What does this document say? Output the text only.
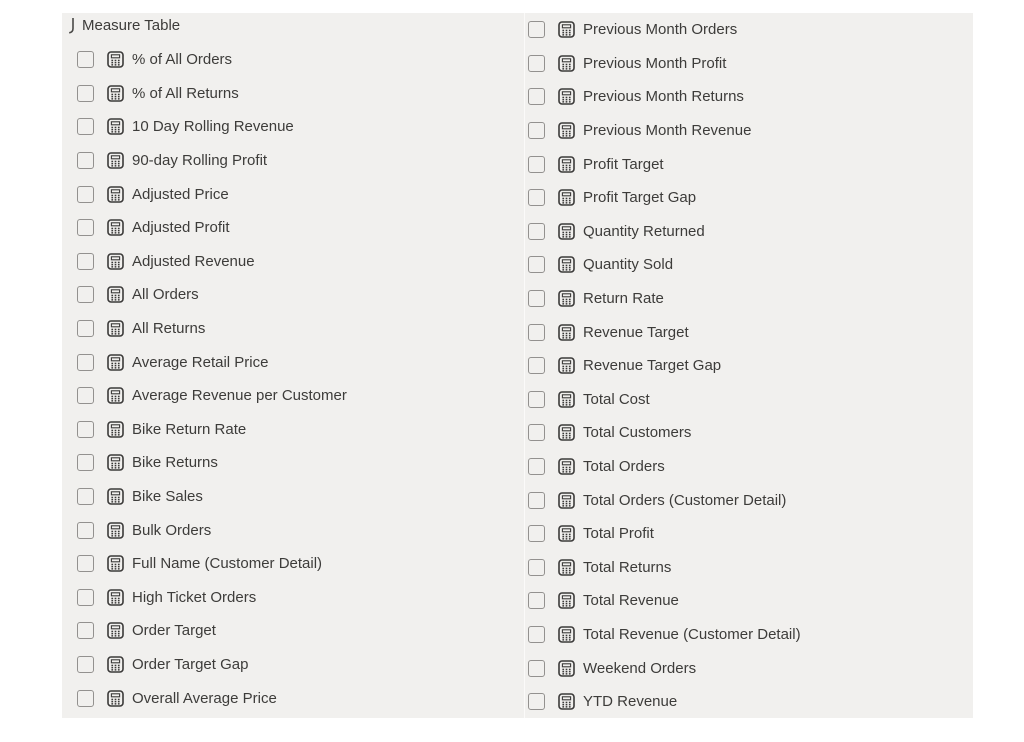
Measure Table
% of All Orders
% of All Returns
10 Day Rolling Revenue
90-day Rolling Profit
Adjusted Price
Adjusted Profit
Adjusted Revenue
All Orders
All Returns
Average Retail Price
Average Revenue per Customer
Bike Return Rate
Bike Returns
Bike Sales
Bulk Orders
Full Name (Customer Detail)
High Ticket Orders
Order Target
Order Target Gap
Overall Average Price
Previous Month Orders
Previous Month Profit
Previous Month Returns
Previous Month Revenue
Profit Target
Profit Target Gap
Quantity Returned
Quantity Sold
Return Rate
Revenue Target
Revenue Target Gap
Total Cost
Total Customers
Total Orders
Total Orders (Customer Detail)
Total Profit
Total Returns
Total Revenue
Total Revenue (Customer Detail)
Weekend Orders
YTD Revenue
